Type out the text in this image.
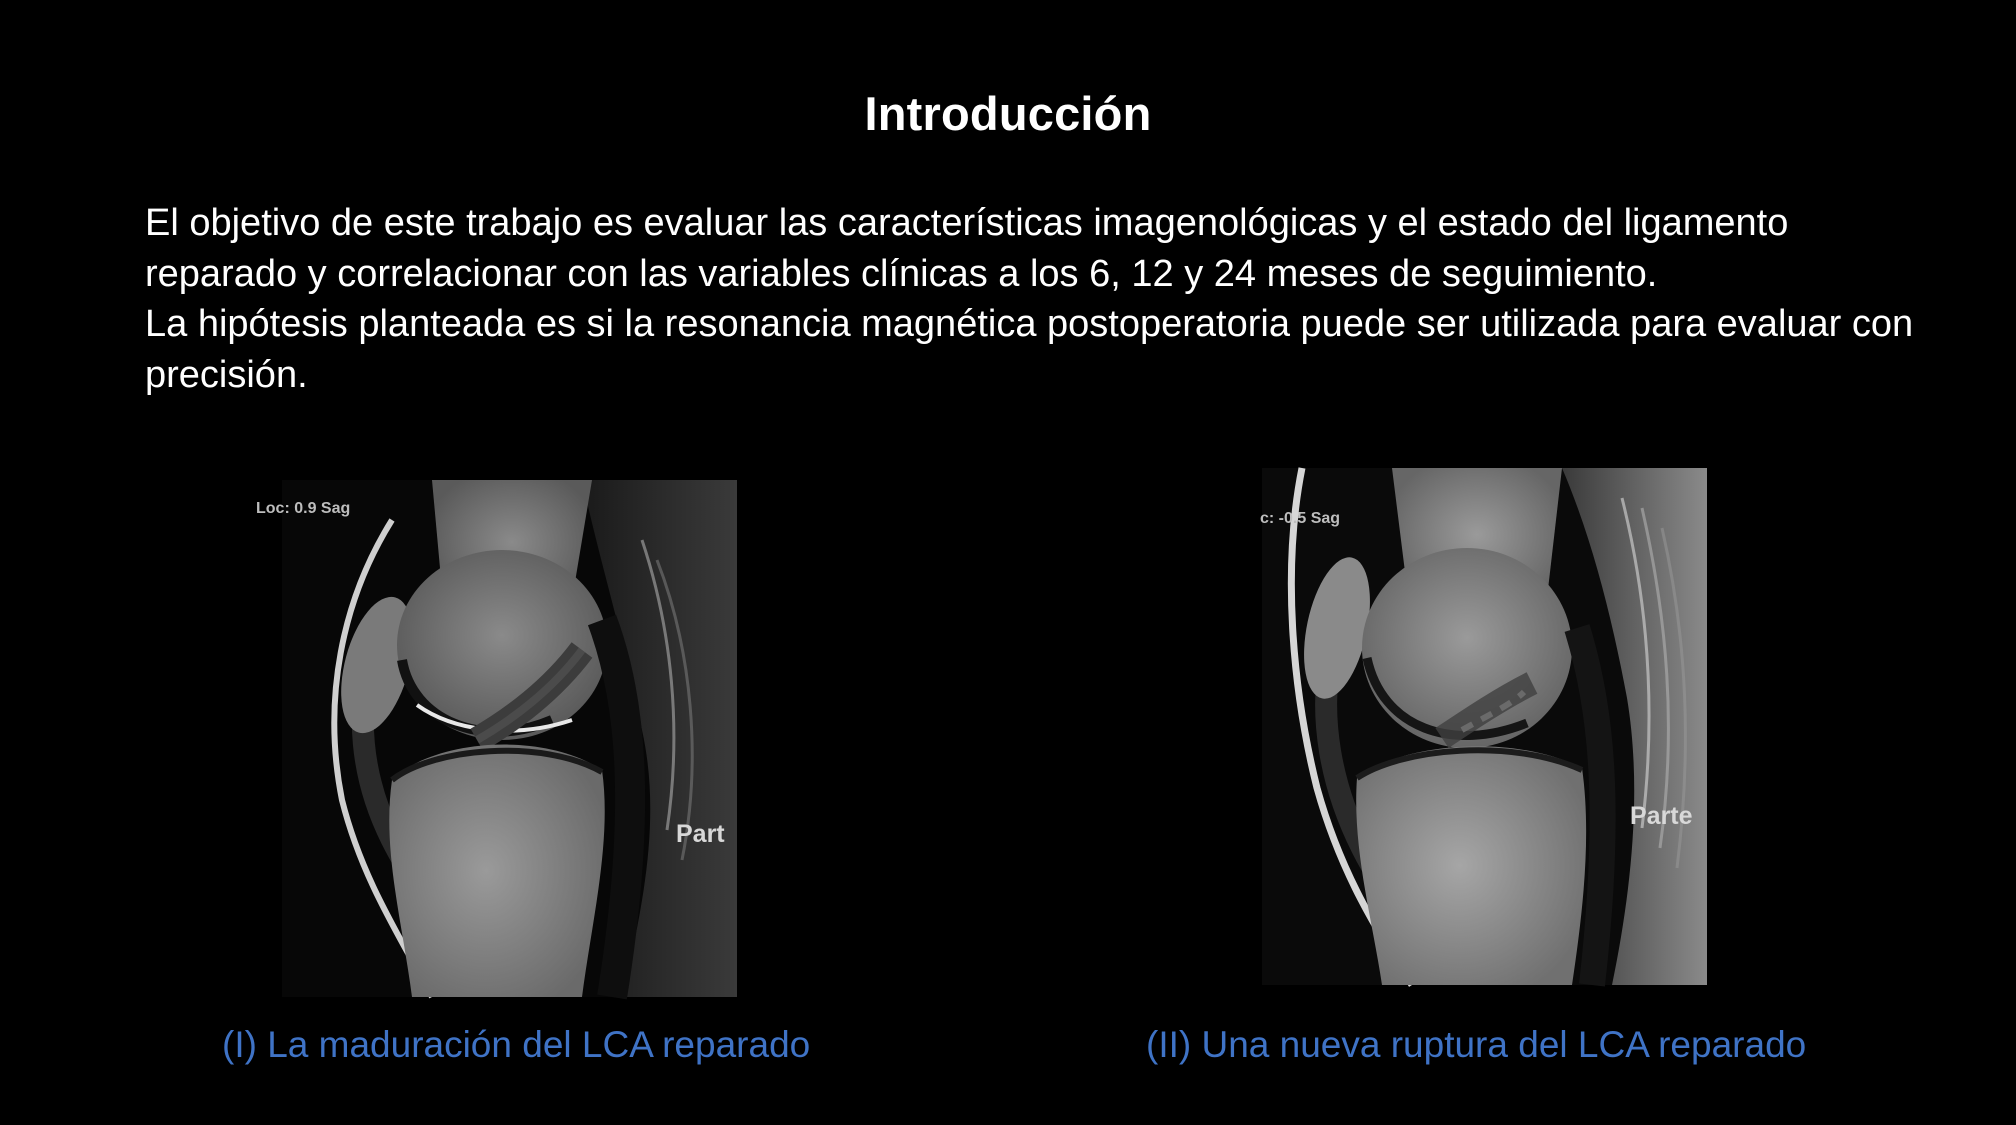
Introducción

El objetivo de este trabajo es evaluar las características imagenológicas y el estado del ligamento reparado y correlacionar con las variables clínicas a los 6, 12 y 24 meses de seguimiento.

La hipótesis planteada es si la resonancia magnética postoperatoria puede ser utilizada para evaluar con precisión.

Loc: 0.9 Sag
Part
c: -0.5 Sag
Parte
(I) La maduración del LCA reparado	(II) Una nueva ruptura del LCA reparado
